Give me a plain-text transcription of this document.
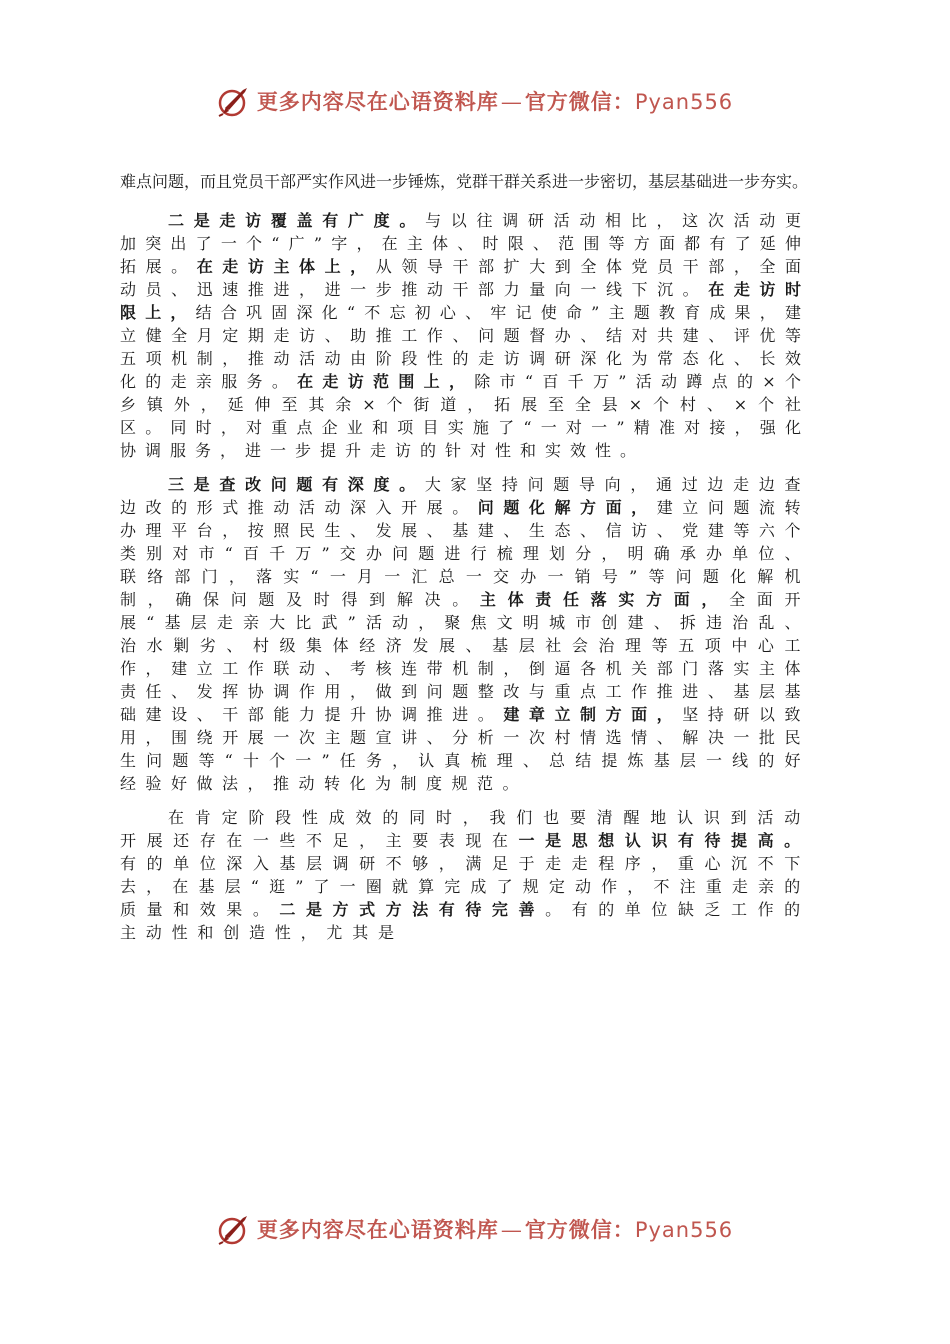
更多内容尽在心语资料库—官方微信：Pyan556

难点问题，而且党员干部严实作风进一步锤炼，党群干群关系进一步密切，基层基础进一步夯实。

二是走访覆盖有广度。与以往调研活动相比，这次活动更加突出了一个“广”字，在主体、时限、范围等方面都有了延伸拓展。在走访主体上，从领导干部扩大到全体党员干部，全面动员、迅速推进，进一步推动干部力量向一线下沉。在走访时限上，结合巩固深化“不忘初心、牢记使命”主题教育成果，建立健全月定期走访、助推工作、问题督办、结对共建、评优等五项机制，推动活动由阶段性的走访调研深化为常态化、长效化的走亲服务。在走访范围上，除市“百千万”活动蹲点的×个乡镇外，延伸至其余×个街道，拓展至全县×个村、×个社区。同时，对重点企业和项目实施了“一对一”精准对接，强化协调服务，进一步提升走访的针对性和实效性。

三是查改问题有深度。大家坚持问题导向，通过边走边查边改的形式推动活动深入开展。问题化解方面，建立问题流转办理平台，按照民生、发展、基建、生态、信访、党建等六个类别对市“百千万”交办问题进行梳理划分，明确承办单位、联络部门，落实“一月一汇总一交办一销号”等问题化解机制，确保问题及时得到解决。主体责任落实方面，全面开展“基层走亲大比武”活动，聚焦文明城市创建、拆违治乱、治水剿劣、村级集体经济发展、基层社会治理等五项中心工作，建立工作联动、考核连带机制，倒逼各机关部门落实主体责任、发挥协调作用，做到问题整改与重点工作推进、基层基础建设、干部能力提升协调推进。建章立制方面，坚持研以致用，围绕开展一次主题宣讲、分析一次村情选情、解决一批民生问题等“十个一”任务，认真梳理、总结提炼基层一线的好经验好做法，推动转化为制度规范。

在肯定阶段性成效的同时，我们也要清醒地认识到活动开展还存在一些不足，主要表现在一是思想认识有待提高。有的单位深入基层调研不够，满足于走走程序，重心沉不下去，在基层“逛”了一圈就算完成了规定动作，不注重走亲的质量和效果。二是方式方法有待完善。有的单位缺乏工作的主动性和创造性，尤其是

更多内容尽在心语资料库—官方微信：Pyan556
